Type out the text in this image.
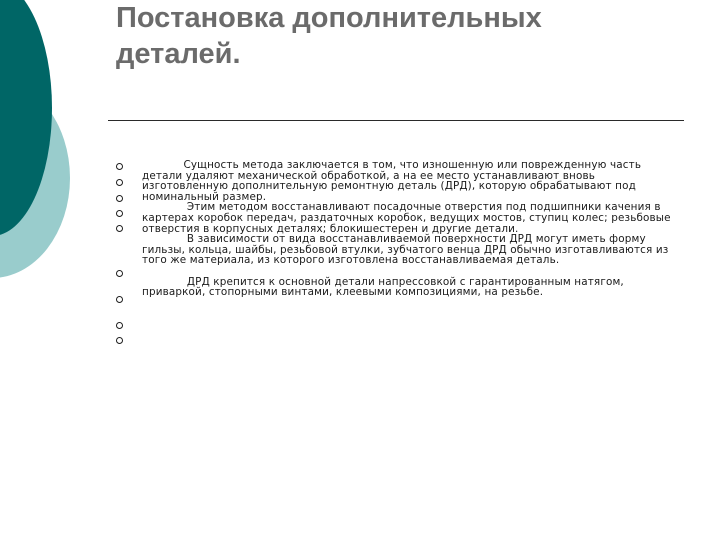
Постановка дополнительных
деталей.

Сущность метода заключается в том, что изношенную или поврежденную часть детали удаляют механической обработкой, а на ее место устанавливают вновь изготовленную дополнительную ремонтную деталь (ДРД), которую обрабатывают под номинальный размер.

Этим методом восстанавливают посадочные отверстия под подшипники качения в картерах коробок передач, раздаточных коробок, ведущих мостов, ступиц колес; резьбовые отверстия в корпусных деталях; блокишестерен и другие детали.

В зависимости от вида восстанавливаемой поверхности ДРД могут иметь форму гильзы, кольца, шайбы, резьбовой втулки, зубчатого венца ДРД обычно изготавливаются из того же материала, из которого изготовлена восстанавливаемая деталь.

ДРД крепится к основной детали напрессовкой с гарантированным натягом, приваркой, стопорными винтами, клеевыми композициями, на резьбе.
